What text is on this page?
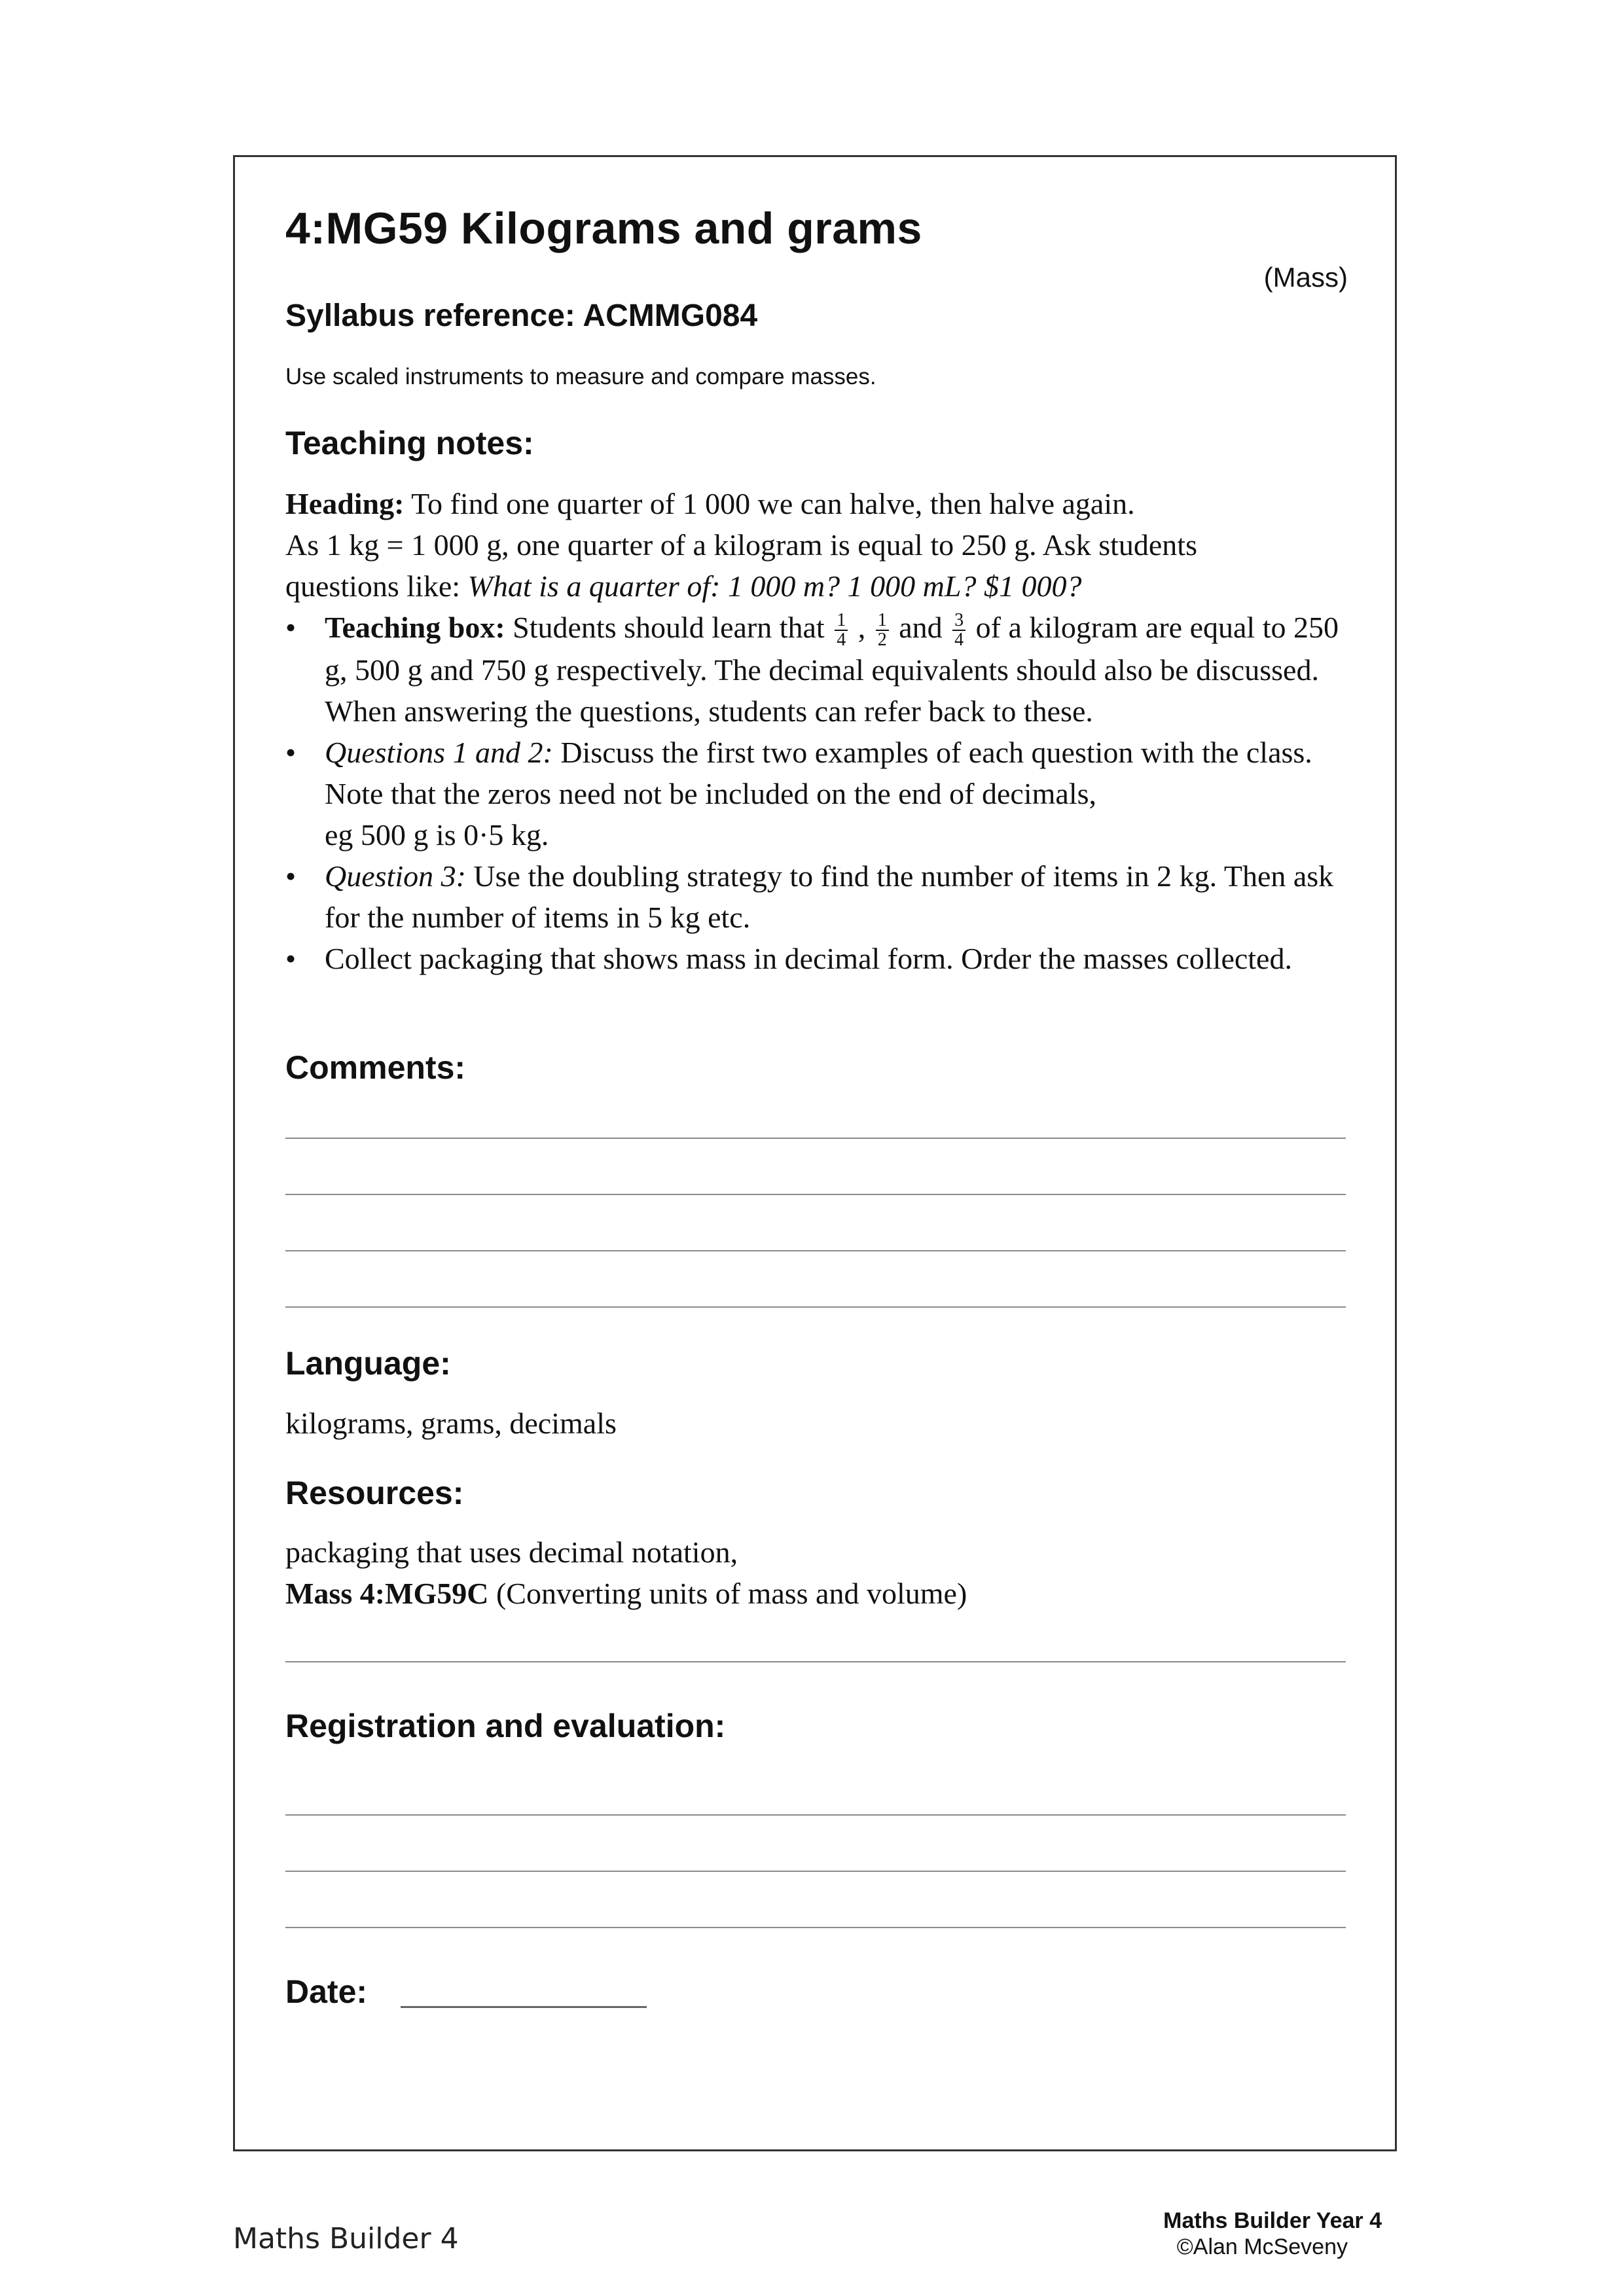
4:MG59 Kilograms and grams
(Mass)
Syllabus reference: ACMMG084
Use scaled instruments to measure and compare masses.
Teaching notes:

Heading: To find one quarter of 1 000 we can halve, then halve again.

As 1 kg = 1 000 g, one quarter of a kilogram is equal to 250 g. Ask students

questions like: What is a quarter of: 1 000 m? 1 000 mL? $1 000?

• Teaching box: Students should learn that $\frac{1}{4}$ , $\frac{1}{2}$ and $\frac{3}{4}$ of a kilogram are equal to 250 g, 500 g and 750 g respectively. The decimal equivalents should also be discussed. When answering the questions, students can refer back to these.
• Questions 1 and 2: Discuss the first two examples of each question with the class. Note that the zeros need not be included on the end of decimals,
eg 500 g is 0·5 kg.
• Question 3: Use the doubling strategy to find the number of items in 2 kg. Then ask for the number of items in 5 kg etc.
• Collect packaging that shows mass in decimal form. Order the masses collected.
Comments:
Language:
kilograms, grams, decimals
Resources:
packaging that uses decimal notation,
Mass 4:MG59C (Converting units of mass and volume)
Registration and evaluation:
Date:
Maths Builder 4
Maths Builder Year 4
©Alan McSeveny
